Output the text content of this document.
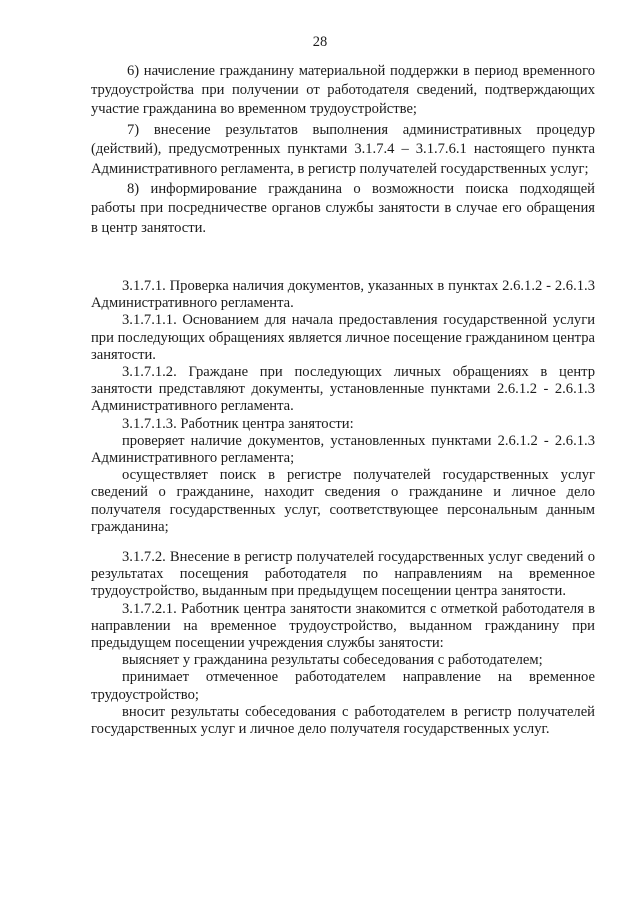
28

6) начисление гражданину материальной поддержки в период временного трудоустройства при получении от работодателя сведений, подтверждающих участие гражданина во временном трудоустройстве;

7) внесение результатов выполнения административных процедур (действий), предусмотренных пунктами 3.1.7.4 – 3.1.7.6.1 настоящего пункта Административного регламента, в регистр получателей государственных услуг;

8) информирование гражданина о возможности поиска подходящей работы при посредничестве органов службы занятости в случае его обращения в центр занятости.

3.1.7.1. Проверка наличия документов, указанных в пунктах 2.6.1.2 - 2.6.1.3 Административного регламента.

3.1.7.1.1. Основанием для начала предоставления государственной услуги при последующих обращениях является личное посещение гражданином центра занятости.

3.1.7.1.2. Граждане при последующих личных обращениях в центр занятости представляют документы, установленные пунктами 2.6.1.2 - 2.6.1.3 Административного регламента.

3.1.7.1.3. Работник центра занятости:

проверяет наличие документов, установленных пунктами 2.6.1.2 - 2.6.1.3 Административного регламента;

осуществляет поиск в регистре получателей государственных услуг сведений о гражданине, находит сведения о гражданине и личное дело получателя государственных услуг, соответствующее персональным данным гражданина;

3.1.7.2. Внесение в регистр получателей государственных услуг сведений о результатах посещения работодателя по направлениям на временное трудоустройство, выданным при предыдущем посещении центра занятости.

3.1.7.2.1. Работник центра занятости знакомится с отметкой работодателя в направлении на временное трудоустройство, выданном гражданину при предыдущем посещении учреждения службы занятости:

выясняет у гражданина результаты собеседования с работодателем;

принимает отмеченное работодателем направление на временное трудоустройство;

вносит результаты собеседования с работодателем в регистр получателей государственных услуг и личное дело получателя государственных услуг.
